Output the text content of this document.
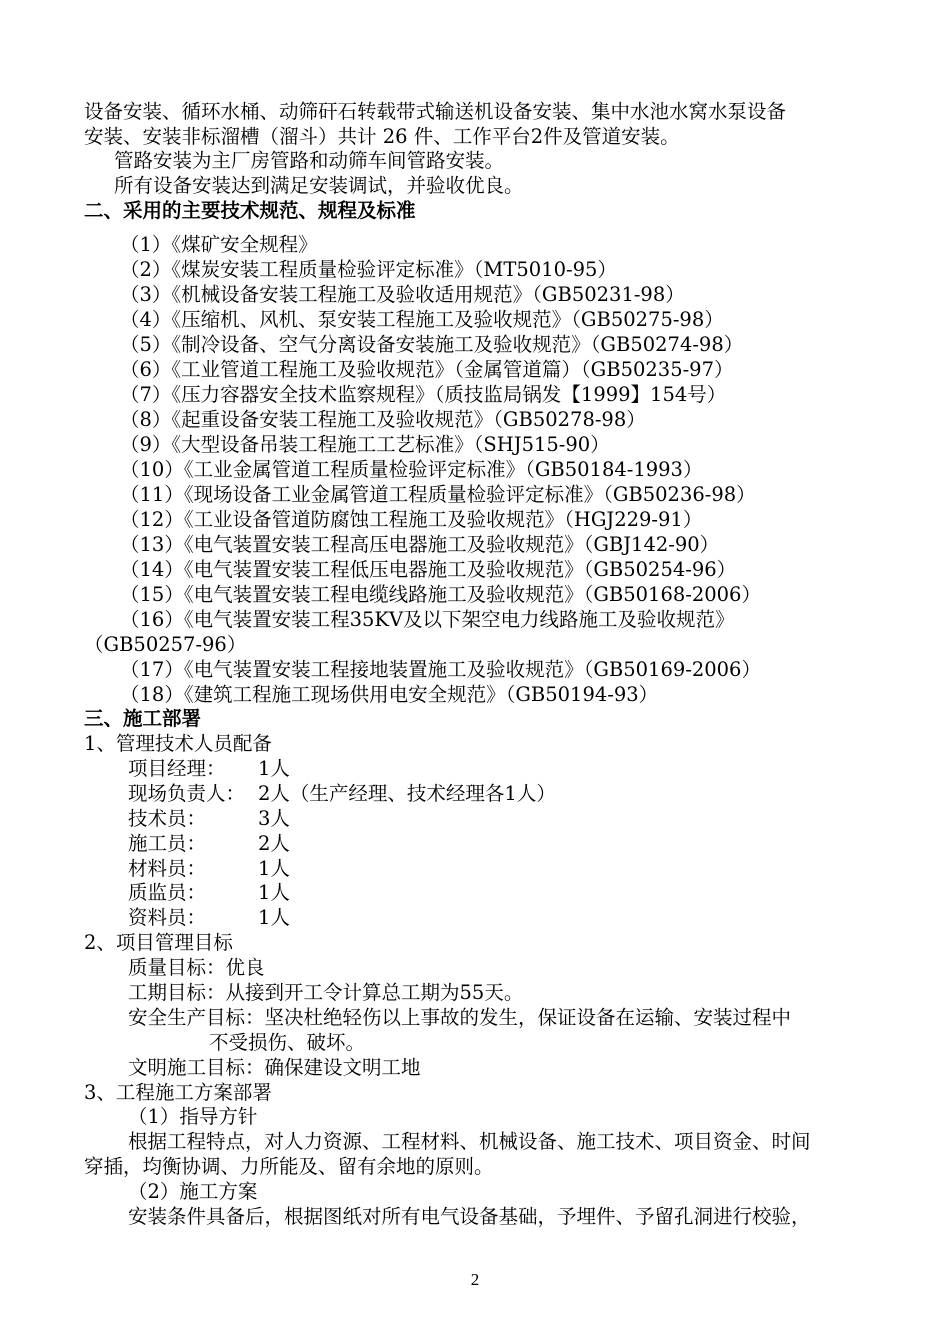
设备安装、循环水桶、动筛矸石转载带式输送机设备安装、集中水池水窝水泵设备
安装、安装非标溜槽（溜斗）共计 26 件、工作平台2件及管道安装。
管路安装为主厂房管路和动筛车间管路安装。
所有设备安装达到满足安装调试，并验收优良。
二、采用的主要技术规范、规程及标准
（1）《煤矿安全规程》
（2）《煤炭安装工程质量检验评定标准》（MT5010-95）
（3）《机械设备安装工程施工及验收适用规范》（GB50231-98）
（4）《压缩机、风机、泵安装工程施工及验收规范》（GB50275-98）
（5）《制冷设备、空气分离设备安装施工及验收规范》（GB50274-98）
（6）《工业管道工程施工及验收规范》（金属管道篇）（GB50235-97）
（7）《压力容器安全技术监察规程》（质技监局锅发【1999】154号）
（8）《起重设备安装工程施工及验收规范》（GB50278-98）
（9）《大型设备吊装工程施工工艺标准》（SHJ515-90）
（10）《工业金属管道工程质量检验评定标准》（GB50184-1993）
（11）《现场设备工业金属管道工程质量检验评定标准》（GB50236-98）
（12）《工业设备管道防腐蚀工程施工及验收规范》（HGJ229-91）
（13）《电气装置安装工程高压电器施工及验收规范》（GBJ142-90）
（14）《电气装置安装工程低压电器施工及验收规范》（GB50254-96）
（15）《电气装置安装工程电缆线路施工及验收规范》（GB50168-2006）
（16）《电气装置安装工程35KV及以下架空电力线路施工及验收规范》
（GB50257-96）
（17）《电气装置安装工程接地装置施工及验收规范》（GB50169-2006）
（18）《建筑工程施工现场供用电安全规范》（GB50194-93）
三、施工部署
1、管理技术人员配备
项目经理： 1人
现场负责人： 2人（生产经理、技术经理各1人）
技术员：	3人
施工员：	2人
材料员：	1人
质监员：	1人
资料员：	1人
2、项目管理目标
质量目标：优良
工期目标：从接到开工令计算总工期为55天。
安全生产目标：坚决杜绝轻伤以上事故的发生，保证设备在运输、安装过程中
不受损伤、破坏。
文明施工目标：确保建设文明工地
3、工程施工方案部署
（1）指导方针
根据工程特点，对人力资源、工程材料、机械设备、施工技术、项目资金、时间
穿插，均衡协调、力所能及、留有余地的原则。
（2）施工方案
安装条件具备后，根据图纸对所有电气设备基础，予埋件、予留孔洞进行校验，
2
